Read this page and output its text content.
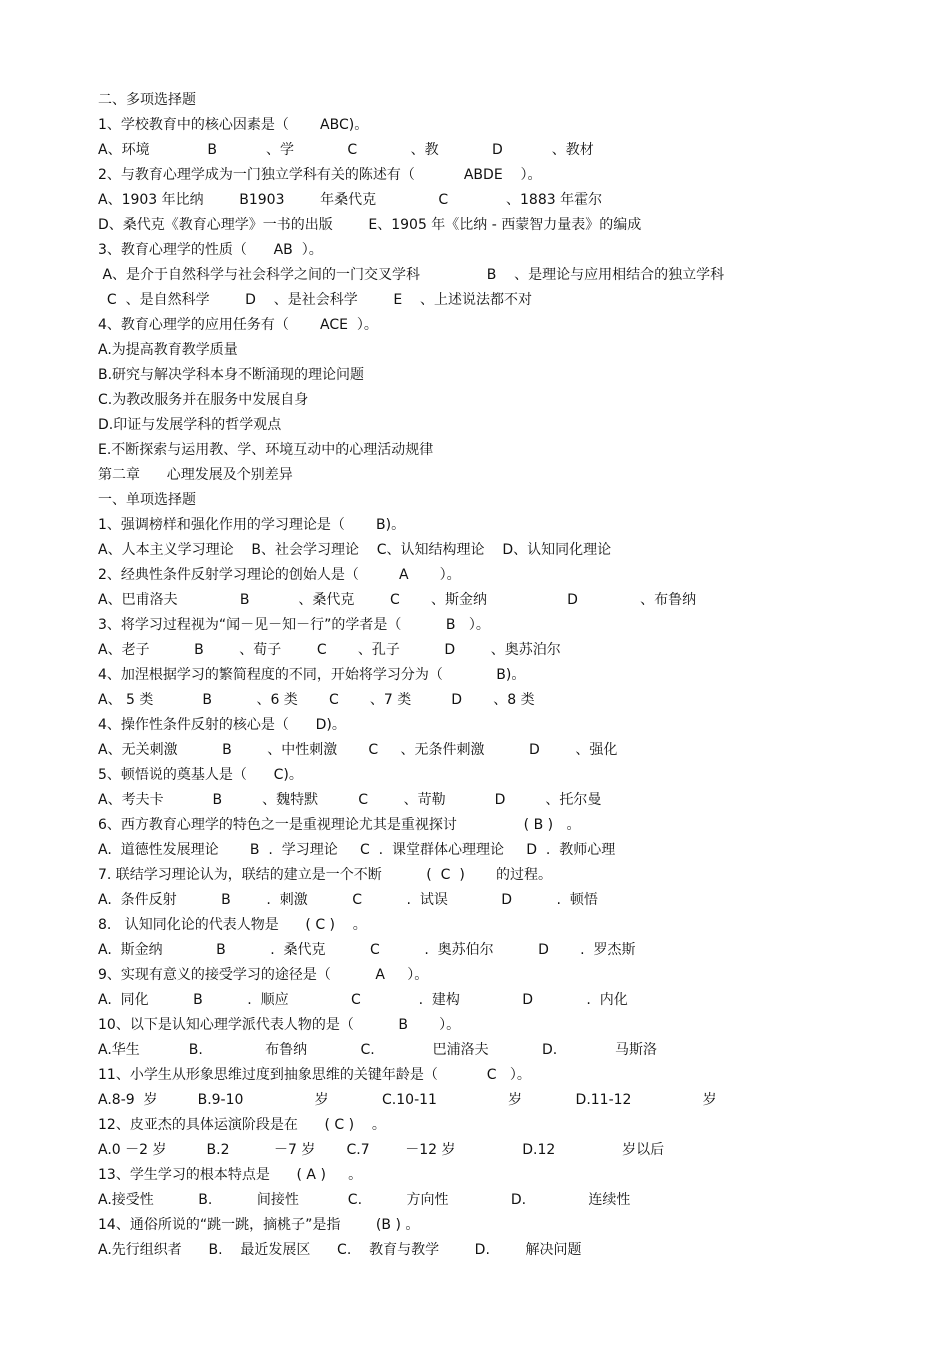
二、多项选择题
1、学校教育中的核心因素是（       ABC)。
A、环境             B           、学            C            、教            D           、教材
2、与教育心理学成为一门独立学科有关的陈述有（           ABDE    ）。
A、1903 年比纳        B1903        年桑代克              C             、1883 年霍尔
D、桑代克《教育心理学》一书的出版        E、1905 年《比纳 - 西蒙智力量表》的编成
3、教育心理学的性质（      AB  ）。
A、是介于自然科学与社会科学之间的一门交叉学科               B    、是理论与应用相结合的独立学科
C  、是自然科学        D    、是社会科学        E    、上述说法都不对
4、教育心理学的应用任务有（       ACE  ）。
A.为提高教育教学质量
B.研究与解决学科本身不断涌现的理论问题
C.为教改服务并在服务中发展自身
D.印证与发展学科的哲学观点
E.不断探索与运用教、学、环境互动中的心理活动规律
第二章      心理发展及个别差异
一、单项选择题
1、强调榜样和强化作用的学习理论是（       B)。
A、人本主义学习理论    B、社会学习理论    C、认知结构理论    D、认知同化理论
2、经典性条件反射学习理论的创始人是（         A       ）。
A、巴甫洛夫              B           、桑代克        C       、斯金纳                  D              、布鲁纳
3、将学习过程视为“闻－见－知－行”的学者是（          B   ）。
A、老子          B        、荀子        C       、孔子          D        、奥苏泊尔
4、加涅根据学习的繁简程度的不同，开始将学习分为（            B)。
A、 5 类           B          、6 类       C       、7 类         D       、8 类
4、操作性条件反射的核心是（      D)。
A、无关刺激          B        、中性刺激       C     、无条件刺激          D        、强化
5、顿悟说的奠基人是（      C)。
A、考夫卡           B         、魏特默         C        、苛勒           D         、托尔曼
6、西方教育心理学的特色之一是重视理论尤其是重视探讨               ( B )   。
A.  道德性发展理论       B  .  学习理论     C  .  课堂群体心理理论     D  .  教师心理
7. 联结学习理论认为，联结的建立是一个不断          (  C  )       的过程。
A.  条件反射          B        .  刺激          C          .  试误            D          .  顿悟
8.   认知同化论的代表人物是      ( C )    。
A.  斯金纳            B          .  桑代克          C          .  奥苏伯尔          D       .  罗杰斯
9、实现有意义的接受学习的途径是（          A     ）。
A.  同化          B          .  顺应              C             .  建构              D            .  内化
10、以下是认知心理学派代表人物的是（          B       ）。
A.华生           B.              布鲁纳            C.             巴浦洛夫            D.             马斯洛
11、小学生从形象思维过度到抽象思维的关键年龄是（           C   ）。
A.8-9  岁         B.9-10                岁            C.10-11                岁            D.11-12                岁
12、皮亚杰的具体运演阶段是在      ( C )    。
A.0 －2 岁         B.2          －7 岁       C.7        －12 岁               D.12               岁以后
13、学生学习的根本特点是      ( A )     。
A.接受性          B.          间接性           C.          方向性              D.              连续性
14、通俗所说的“跳一跳，摘桃子”是指        (B ) 。
A.先行组织者      B.    最近发展区      C.    教育与教学        D.        解决问题
